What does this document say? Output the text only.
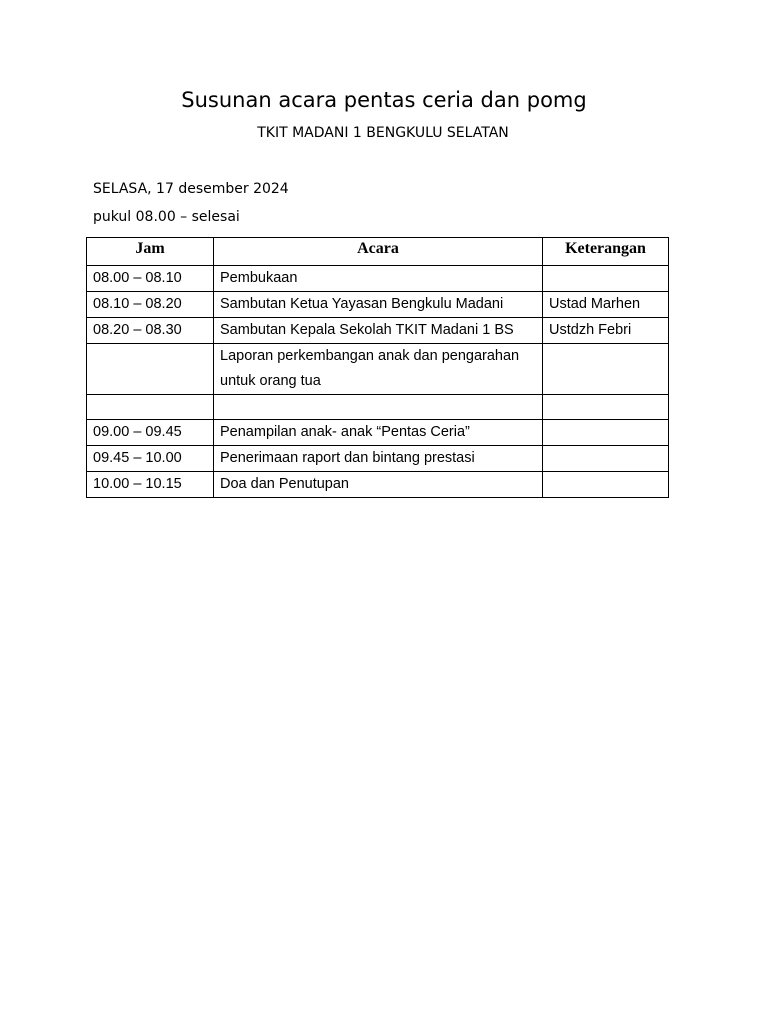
Susunan acara pentas ceria dan pomg
TKIT MADANI 1 BENGKULU SELATAN
SELASA, 17 desember 2024
pukul 08.00 – selesai
Jam	Acara	Keterangan
08.00 – 08.10	Pembukaan	
08.10 – 08.20	Sambutan Ketua Yayasan Bengkulu Madani	Ustad Marhen
08.20 – 08.30	Sambutan Kepala Sekolah TKIT Madani 1 BS	Ustdzh Febri
	Laporan perkembangan anak dan pengarahan untuk orang tua	

09.00 – 09.45	Penampilan anak- anak “Pentas Ceria”	
09.45 – 10.00	Penerimaan raport dan bintang prestasi	
10.00 – 10.15	Doa dan Penutupan	
